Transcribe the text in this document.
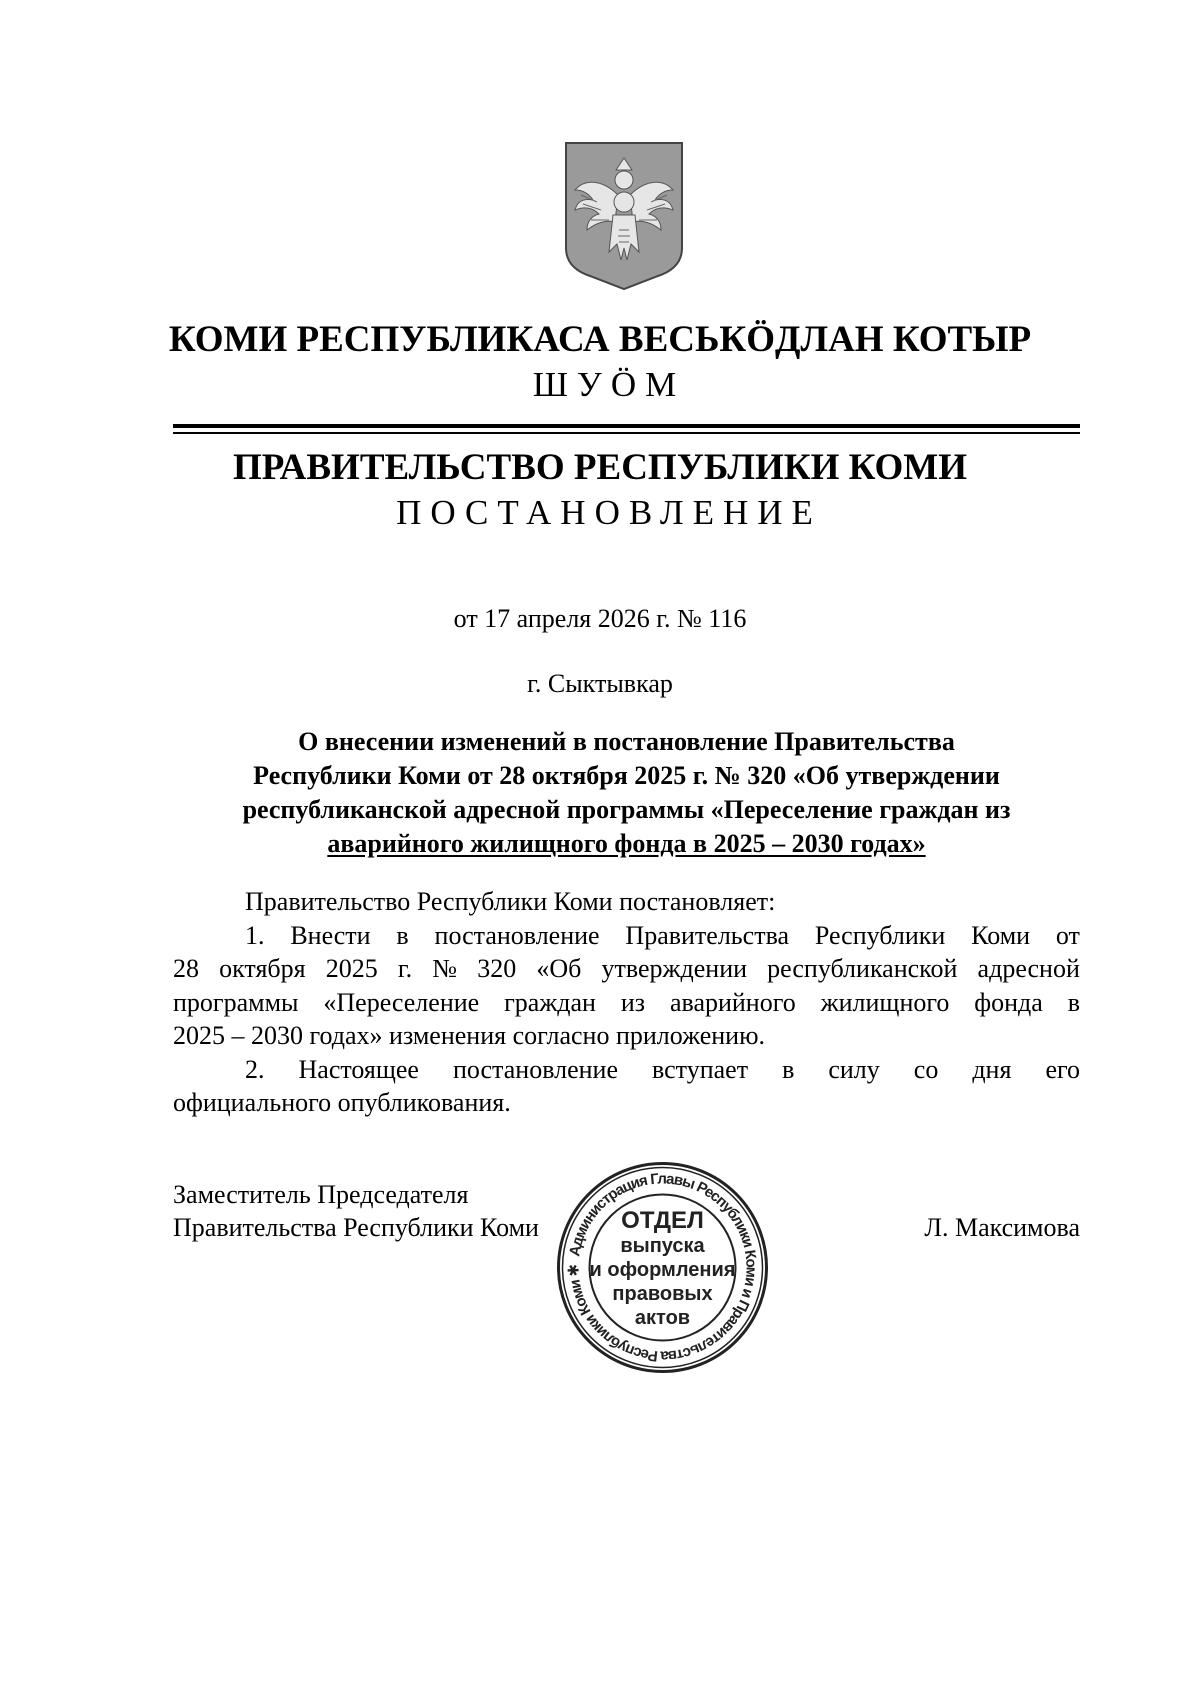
КОМИ РЕСПУБЛИКАСА ВЕСЬКӦДЛАН КОТЫР
ШУӦМ
ПРАВИТЕЛЬСТВО РЕСПУБЛИКИ КОМИ
ПОСТАНОВЛЕНИЕ
от 17 апреля 2026 г. № 116
г. Сыктывкар
О внесении изменений в постановление Правительства
Республики Коми от 28 октября 2025 г. № 320 «Об утверждении
республиканской адресной программы «Переселение граждан из
аварийного жилищного фонда в 2025 – 2030 годах»
Правительство Республики Коми постановляет:
1. Внести в постановление Правительства Республики Коми от
28 октября 2025 г. № 320 «Об утверждении республиканской адресной
программы «Переселение граждан из аварийного жилищного фонда в
2025 – 2030 годах» изменения согласно приложению.
2. Настоящее постановление вступает в силу со дня его
официального опубликования.
Заместитель Председателя
Правительства Республики Коми	Л. Максимова
Администрация Главы Республики Коми и Правительства Республики Коми ✱
ОТДЕЛ
выпуска
и оформления
правовых
актов
